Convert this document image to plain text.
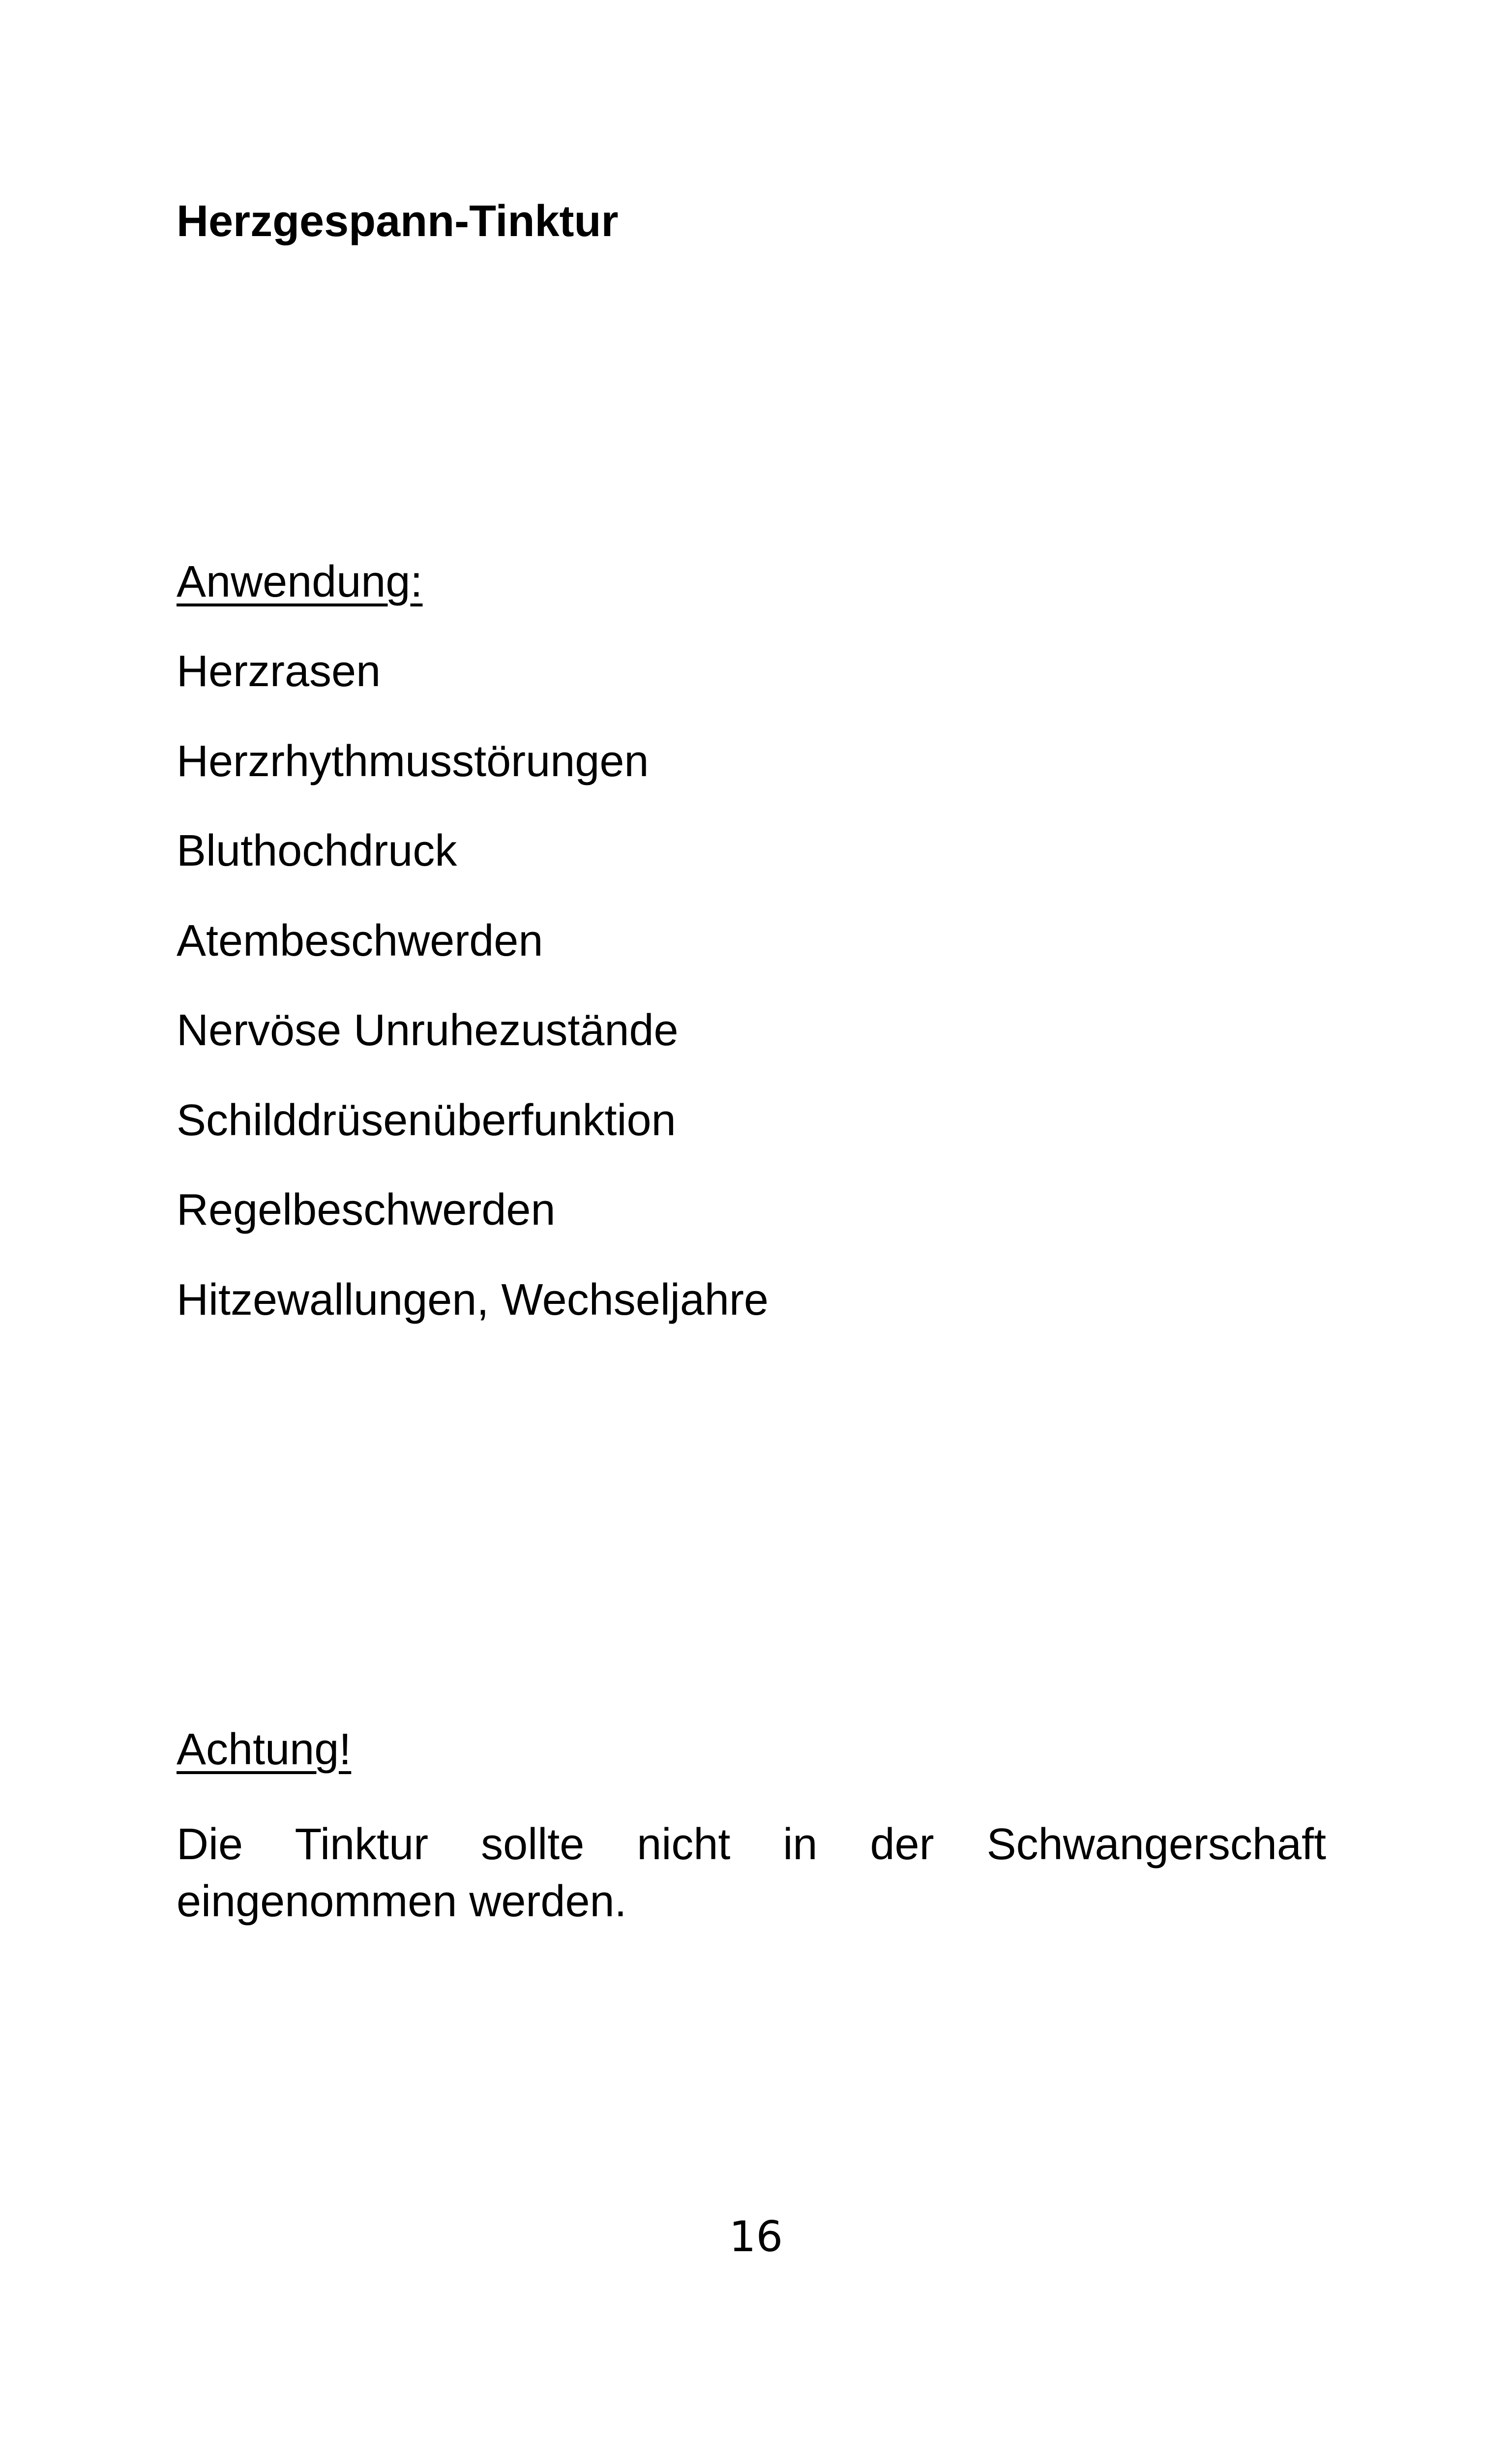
Herzgespann-Tinktur
Anwendung:
Herzrasen
Herzrhythmusstörungen
Bluthochdruck
Atembeschwerden
Nervöse Unruhezustände
Schilddrüsenüberfunktion
Regelbeschwerden
Hitzewallungen, Wechseljahre
Achtung!

Die Tinktur sollte nicht in der Schwangerschaft eingenommen werden.

16
